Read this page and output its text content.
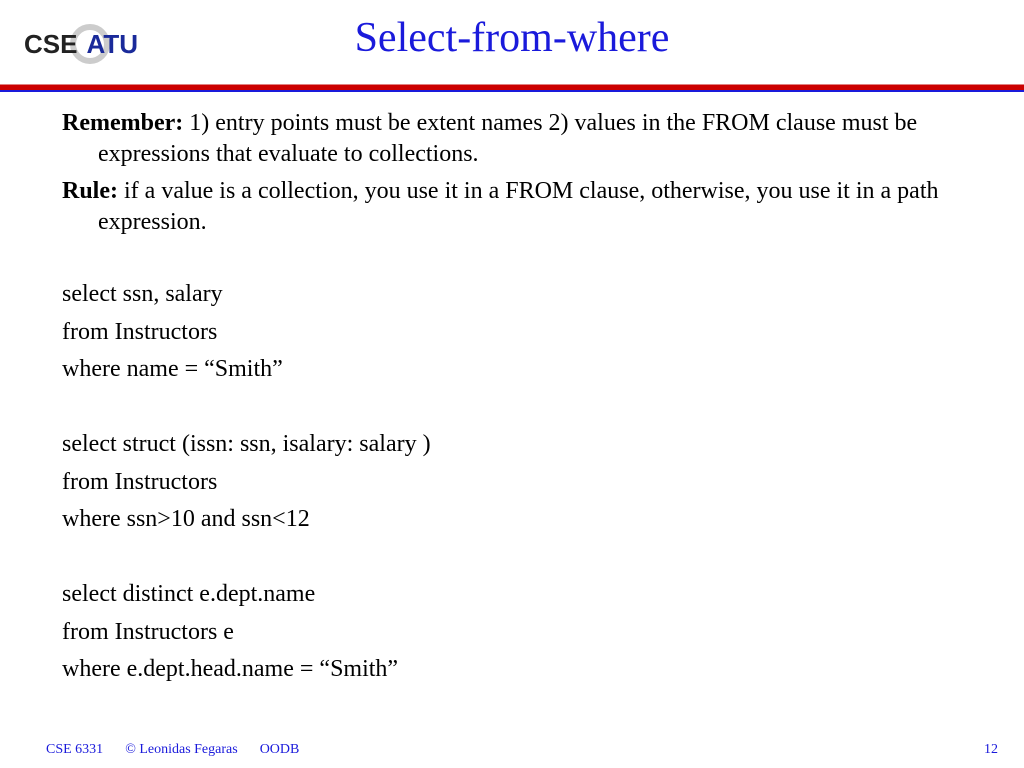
CSE UTA	Select-from-where

Remember: 1) entry points must be extent names 2) values in the FROM clause must be expressions that evaluate to collections.

Rule: if a value is a collection, you use it in a FROM clause, otherwise, you use it in a path expression.

select ssn, salary

from Instructors

where name = “Smith”

select struct (issn: ssn, isalary: salary )

from Instructors

where ssn>10 and ssn<12

select distinct e.dept.name

from Instructors e

where e.dept.head.name = “Smith”

CSE 6331 © Leonidas Fegaras OODB	12
